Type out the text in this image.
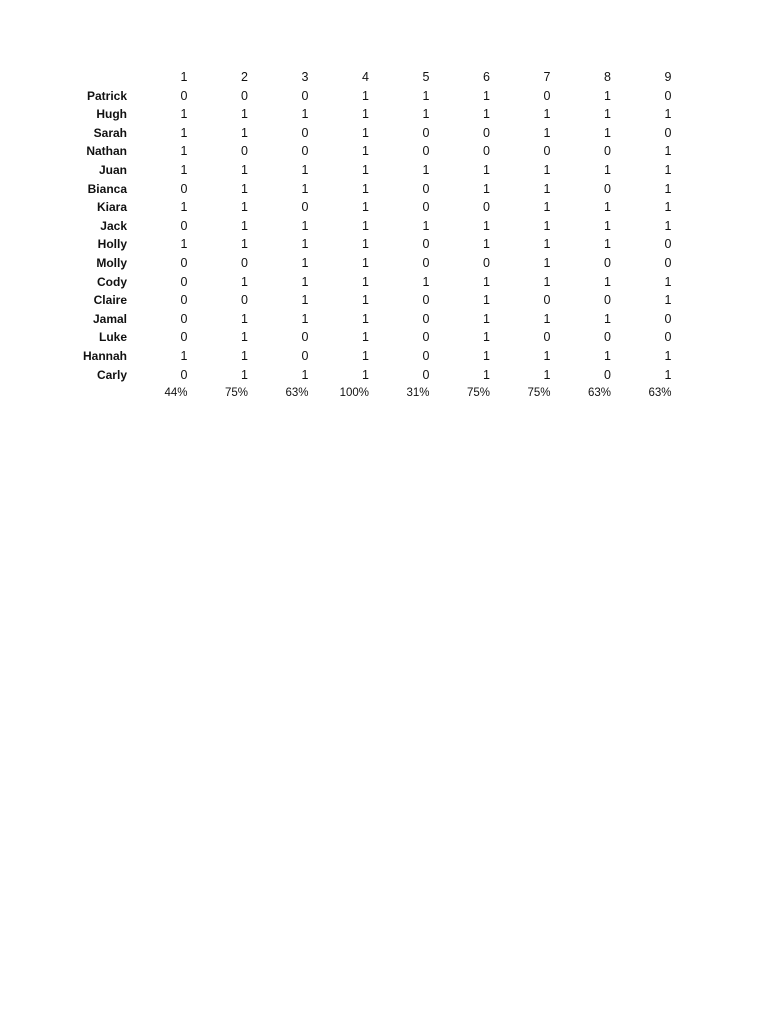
	1	2	3	4	5	6	7	8	9
Patrick	0	0	0	1	1	1	0	1	0
Hugh	1	1	1	1	1	1	1	1	1
Sarah	1	1	0	1	0	0	1	1	0
Nathan	1	0	0	1	0	0	0	0	1
Juan	1	1	1	1	1	1	1	1	1
Bianca	0	1	1	1	0	1	1	0	1
Kiara	1	1	0	1	0	0	1	1	1
Jack	0	1	1	1	1	1	1	1	1
Holly	1	1	1	1	0	1	1	1	0
Molly	0	0	1	1	0	0	1	0	0
Cody	0	1	1	1	1	1	1	1	1
Claire	0	0	1	1	0	1	0	0	1
Jamal	0	1	1	1	0	1	1	1	0
Luke	0	1	0	1	0	1	0	0	0
Hannah	1	1	0	1	0	1	1	1	1
Carly	0	1	1	1	0	1	1	0	1
	44%	75%	63%	100%	31%	75%	75%	63%	63%
